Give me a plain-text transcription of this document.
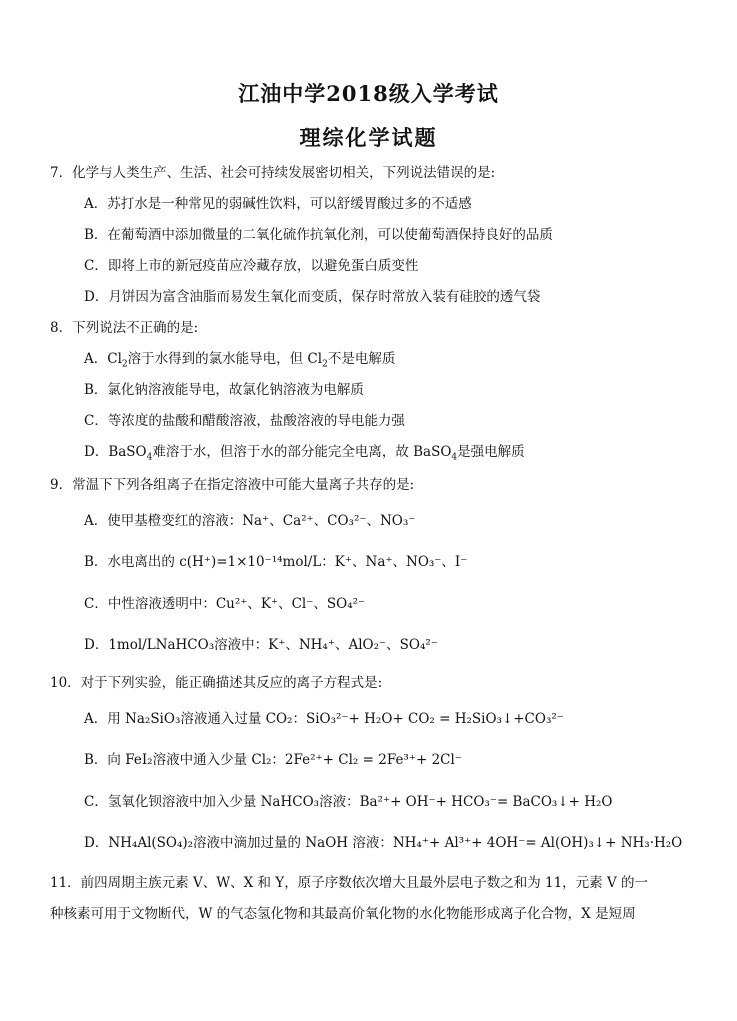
江油中学2018级入学考试
理综化学试题
7．化学与人类生产、生活、社会可持续发展密切相关，下列说法错误的是:
A．苏打水是一种常见的弱碱性饮料，可以舒缓胃酸过多的不适感
B．在葡萄酒中添加微量的二氧化硫作抗氧化剂，可以使葡萄酒保持良好的品质
C．即将上市的新冠疫苗应冷藏存放，以避免蛋白质变性
D．月饼因为富含油脂而易发生氧化而变质，保存时常放入装有硅胶的透气袋
8．下列说法不正确的是:
A．$Cl_2$溶于水得到的氯水能导电，但 $Cl_2$不是电解质
B．氯化钠溶液能导电，故氯化钠溶液为电解质
C．等浓度的盐酸和醋酸溶液，盐酸溶液的导电能力强
D．BaSO$_4$难溶于水，但溶于水的部分能完全电离，故 BaSO$_4$是强电解质
9．常温下下列各组离子在指定溶液中可能大量离子共存的是:
A．使甲基橙变红的溶液：Na⁺、Ca²⁺、CO₃²⁻、NO₃⁻
B．水电离出的 c(H⁺)=1×10⁻¹⁴mol/L：K⁺、Na⁺、NO₃⁻、I⁻
C．中性溶液透明中：Cu²⁺、K⁺、Cl⁻、SO₄²⁻
D．1mol/LNaHCO₃溶液中：K⁺、NH₄⁺、AlO₂⁻、SO₄²⁻
10．对于下列实验，能正确描述其反应的离子方程式是:
A．用 Na₂SiO₃溶液通入过量 CO₂：SiO₃²⁻+ H₂O+ CO₂ = H₂SiO₃↓+CO₃²⁻
B．向 FeI₂溶液中通入少量 Cl₂：2Fe²⁺+ Cl₂ = 2Fe³⁺+ 2Cl⁻
C．氢氧化钡溶液中加入少量 NaHCO₃溶液：Ba²⁺+ OH⁻+ HCO₃⁻= BaCO₃↓+ H₂O
D．NH₄Al(SO₄)₂溶液中滴加过量的 NaOH 溶液：NH₄⁺+ Al³⁺+ 4OH⁻= Al(OH)₃↓+ NH₃·H₂O
11．前四周期主族元素 V、W、X 和 Y，原子序数依次增大且最外层电子数之和为 11，元素 V 的一
种核素可用于文物断代，W 的气态氢化物和其最高价氧化物的水化物能形成离子化合物，X 是短周
